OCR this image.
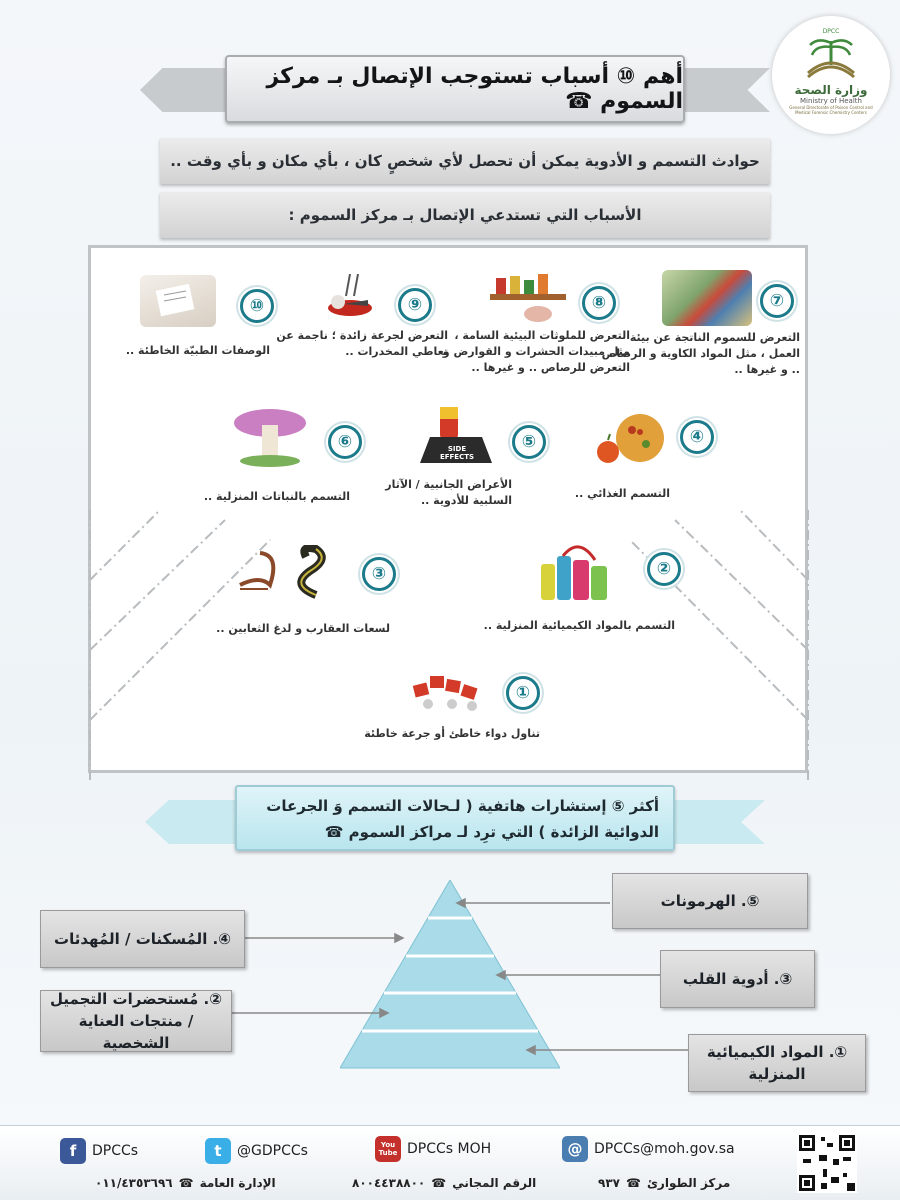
وزارة الصحة
Ministry of Health
General Directorate of Poison Control and Medical Forensic Chemistry Centers
DPCC
أهم ⑩ أسباب تستوجب الإتصال بـ مركز السموم ☎
حوادث التسمم و الأدوية يمكن أن تحصل لأي شخصٍ كان ، بأي مكان و بأي وقت ..
الأسباب التي تستدعي الإتصال بـ مركز السموم :
⑦
التعرض للسموم الناتجة عن بيئة العمل ، مثل المواد الكاوية و الرصاص .. و غيرها ..
⑧
التعرض للملوثات البيئية السامة ، مثل مبيدات الحشرات و القوارض و التعرض للرصاص .. و غيرها ..
⑨
التعرض لجرعة زائدة ؛ ناجمة عن تعاطي المخدرات ..
⑩
الوصفات الطبيّة الخاطئة ..
④
التسمم الغذائي ..
⑤
SIDE EFFECTS
الأعراض الجانبية / الآثار السلبية للأدوية ..
⑥
التسمم بالنباتات المنزلية ..
②
التسمم بالمواد الكيميائية المنزلية ..
③
لسعات العقارب و لدغ الثعابين ..
①
تناول دواء خاطئ أو جرعة خاطئة
أكثر ⑤ إستشارات هاتفية ( لـحالات التسمم وَ الجرعات
الدوائية الزائدة ) التي ترِد لـ مراكز السموم ☎
⑤. الهرمونات
④. المُسكنات / المُهدئات
③. أدوية القلب
②. مُستحضرات التجميل / منتجات العناية الشخصية	①. المواد الكيميائية المنزلية
f	DPCCs	t	@GDPCCs	You
Tube DPCCs MOH	@ DPCCs@moh.gov.sa
الإدارة العامة
☎
٠١١/٤٣٥٣٦٩٦	الرقم المجاني
☎
٨٠٠٤٤٣٨٨٠٠	مركز الطوارئ
☎
٩٣٧
